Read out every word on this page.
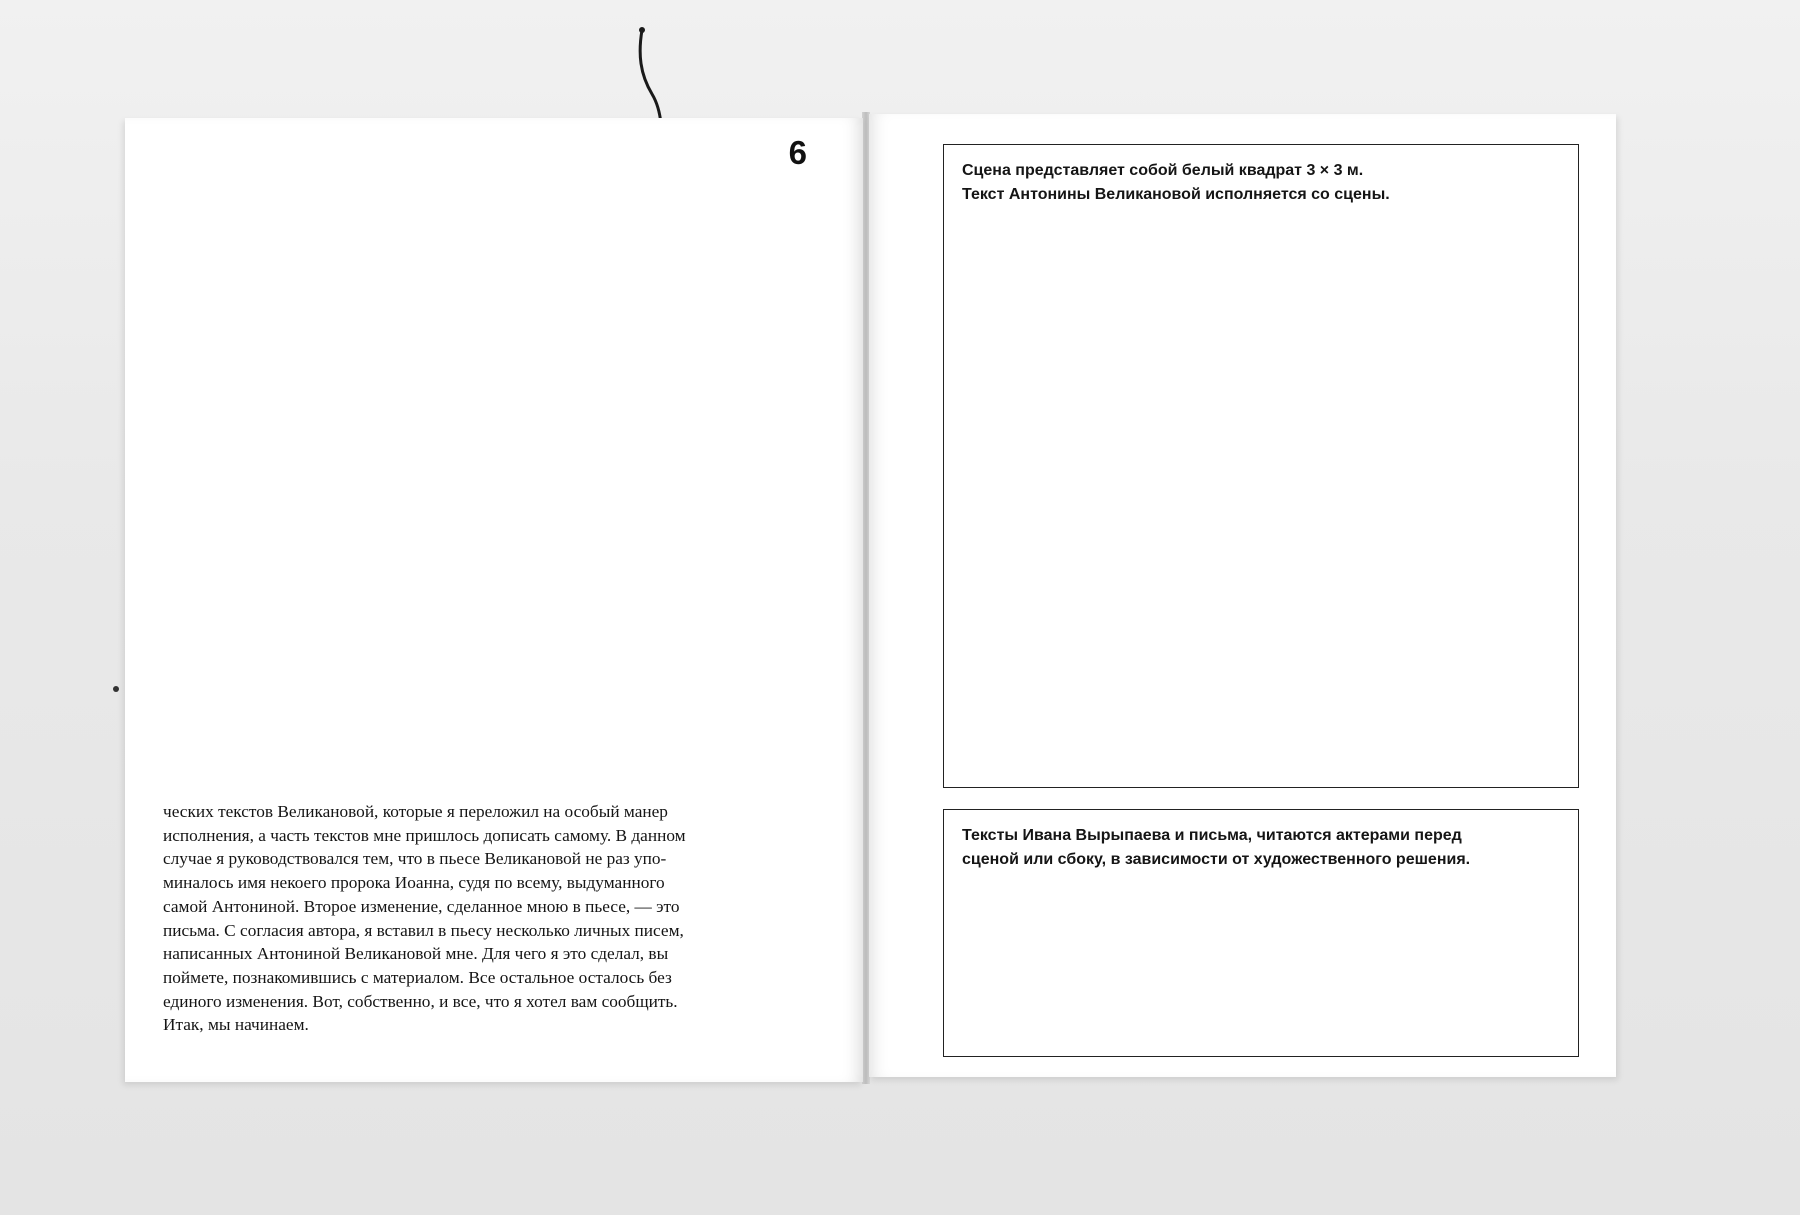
6
ческих текстов Великановой, которые я переложил на особый манер
исполнения, а часть текстов мне пришлось дописать самому. В данном
случае я руководствовался тем, что в пьесе Великановой не раз упо-
миналось имя некоего пророка Иоанна, судя по всему, выдуманного
самой Антониной. Второе изменение, сделанное мною в пьесе, — это
письма. С согласия автора, я вставил в пьесу несколько личных писем,
написанных Антониной Великановой мне. Для чего я это сделал, вы
поймете, познакомившись с материалом. Все остальное осталось без
единого изменения. Вот, собственно, и все, что я хотел вам сообщить.
Итак, мы начинаем.
Сцена представляет собой белый квадрат 3 × 3 м.
Текст Антонины Великановой исполняется со сцены.
Тексты Ивана Вырыпаева и письма, читаются актерами перед
сценой или сбоку, в зависимости от художественного решения.
